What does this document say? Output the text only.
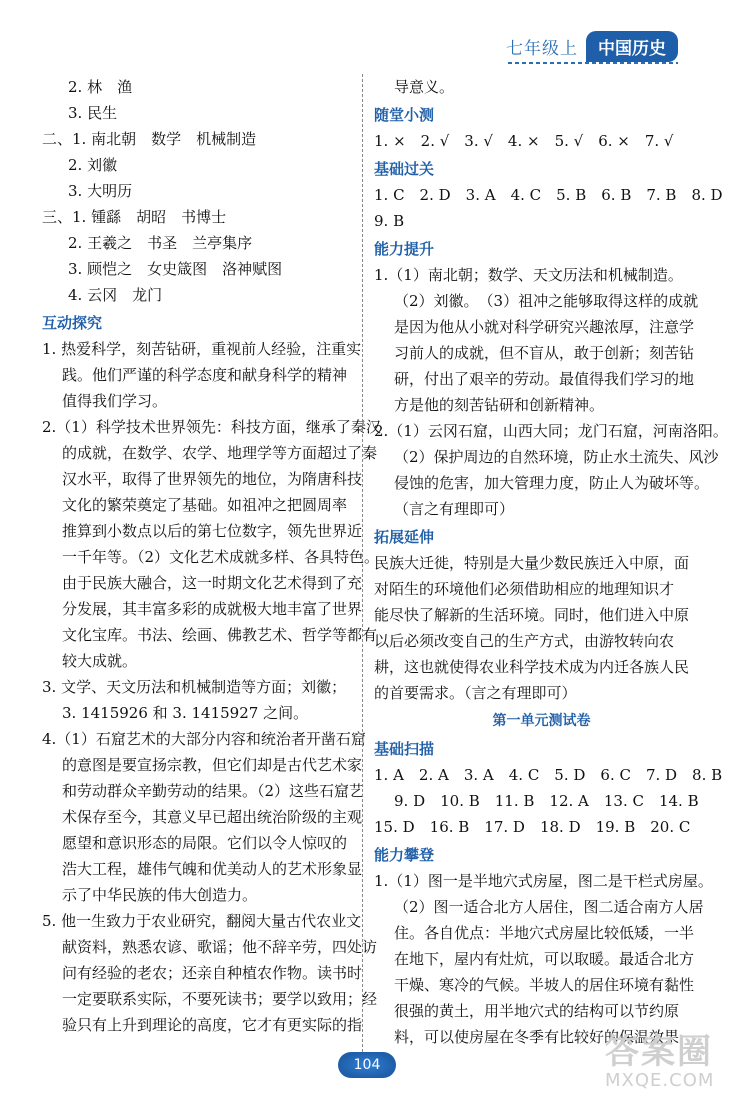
七年级上	中国历史
2. 林　渔
3. 民生
二、1. 南北朝　数学　机械制造
2. 刘徽
3. 大明历
三、1. 锺繇　胡昭　书博士
2. 王羲之　书圣　兰亭集序
3. 顾恺之　女史箴图　洛神赋图
4. 云冈　龙门
互动探究
1. 热爱科学，刻苦钻研，重视前人经验，注重实
践。他们严谨的科学态度和献身科学的精神
值得我们学习。
2.（1）科学技术世界领先：科技方面，继承了秦汉
的成就，在数学、农学、地理学等方面超过了秦
汉水平，取得了世界领先的地位，为隋唐科技
文化的繁荣奠定了基础。如祖冲之把圆周率
推算到小数点以后的第七位数字，领先世界近
一千年等。（2）文化艺术成就多样、各具特色。
由于民族大融合，这一时期文化艺术得到了充
分发展，其丰富多彩的成就极大地丰富了世界
文化宝库。书法、绘画、佛教艺术、哲学等都有
较大成就。
3. 文学、天文历法和机械制造等方面；刘徽；
3. 1415926 和 3. 1415927 之间。
4.（1）石窟艺术的大部分内容和统治者开凿石窟
的意图是要宣扬宗教，但它们却是古代艺术家
和劳动群众辛勤劳动的结果。（2）这些石窟艺
术保存至今，其意义早已超出统治阶级的主观
愿望和意识形态的局限。它们以令人惊叹的
浩大工程，雄伟气魄和优美动人的艺术形象显
示了中华民族的伟大创造力。
5. 他一生致力于农业研究，翻阅大量古代农业文
献资料，熟悉农谚、歌谣；他不辞辛劳，四处访
问有经验的老农；还亲自种植农作物。读书时
一定要联系实际，不要死读书；要学以致用；经
验只有上升到理论的高度，它才有更实际的指
导意义。
随堂小测
1. ×　2. √　3. √　4. ×　5. √　6. ×　7. √
基础过关
1. C　2. D　3. A　4. C　5. B　6. B　7. B　8. D
9. B
能力提升
1.（1）南北朝；数学、天文历法和机械制造。
（2）刘徽。　（3）祖冲之能够取得这样的成就
是因为他从小就对科学研究兴趣浓厚，注意学
习前人的成就，但不盲从，敢于创新；刻苦钻
研，付出了艰辛的劳动。最值得我们学习的地
方是他的刻苦钻研和创新精神。
2.（1）云冈石窟，山西大同；龙门石窟，河南洛阳。
（2）保护周边的自然环境，防止水土流失、风沙
侵蚀的危害，加大管理力度，防止人为破坏等。
（言之有理即可）
拓展延伸
民族大迁徙，特别是大量少数民族迁入中原，面
对陌生的环境他们必须借助相应的地理知识才
能尽快了解新的生活环境。同时，他们进入中原
以后必须改变自己的生产方式，由游牧转向农
耕，这也就使得农业科学技术成为内迁各族人民
的首要需求。（言之有理即可）
第一单元测试卷
基础扫描
1. A　2. A　3. A　4. C　5. D　6. C　7. D　8. B
9. D　10. B　11. B　12. A　13. C　14. B
15. D　16. B　17. D　18. D　19. B　20. C
能力攀登
1.（1）图一是半地穴式房屋，图二是干栏式房屋。
（2）图一适合北方人居住，图二适合南方人居
住。各自优点：半地穴式房屋比较低矮，一半
在地下，屋内有灶炕，可以取暖。最适合北方
干燥、寒冷的气候。半坡人的居住环境有黏性
很强的黄土，用半地穴式的结构可以节约原
料，可以使房屋在冬季有比较好的保温效果，
104	答案圈
MXQE.COM
